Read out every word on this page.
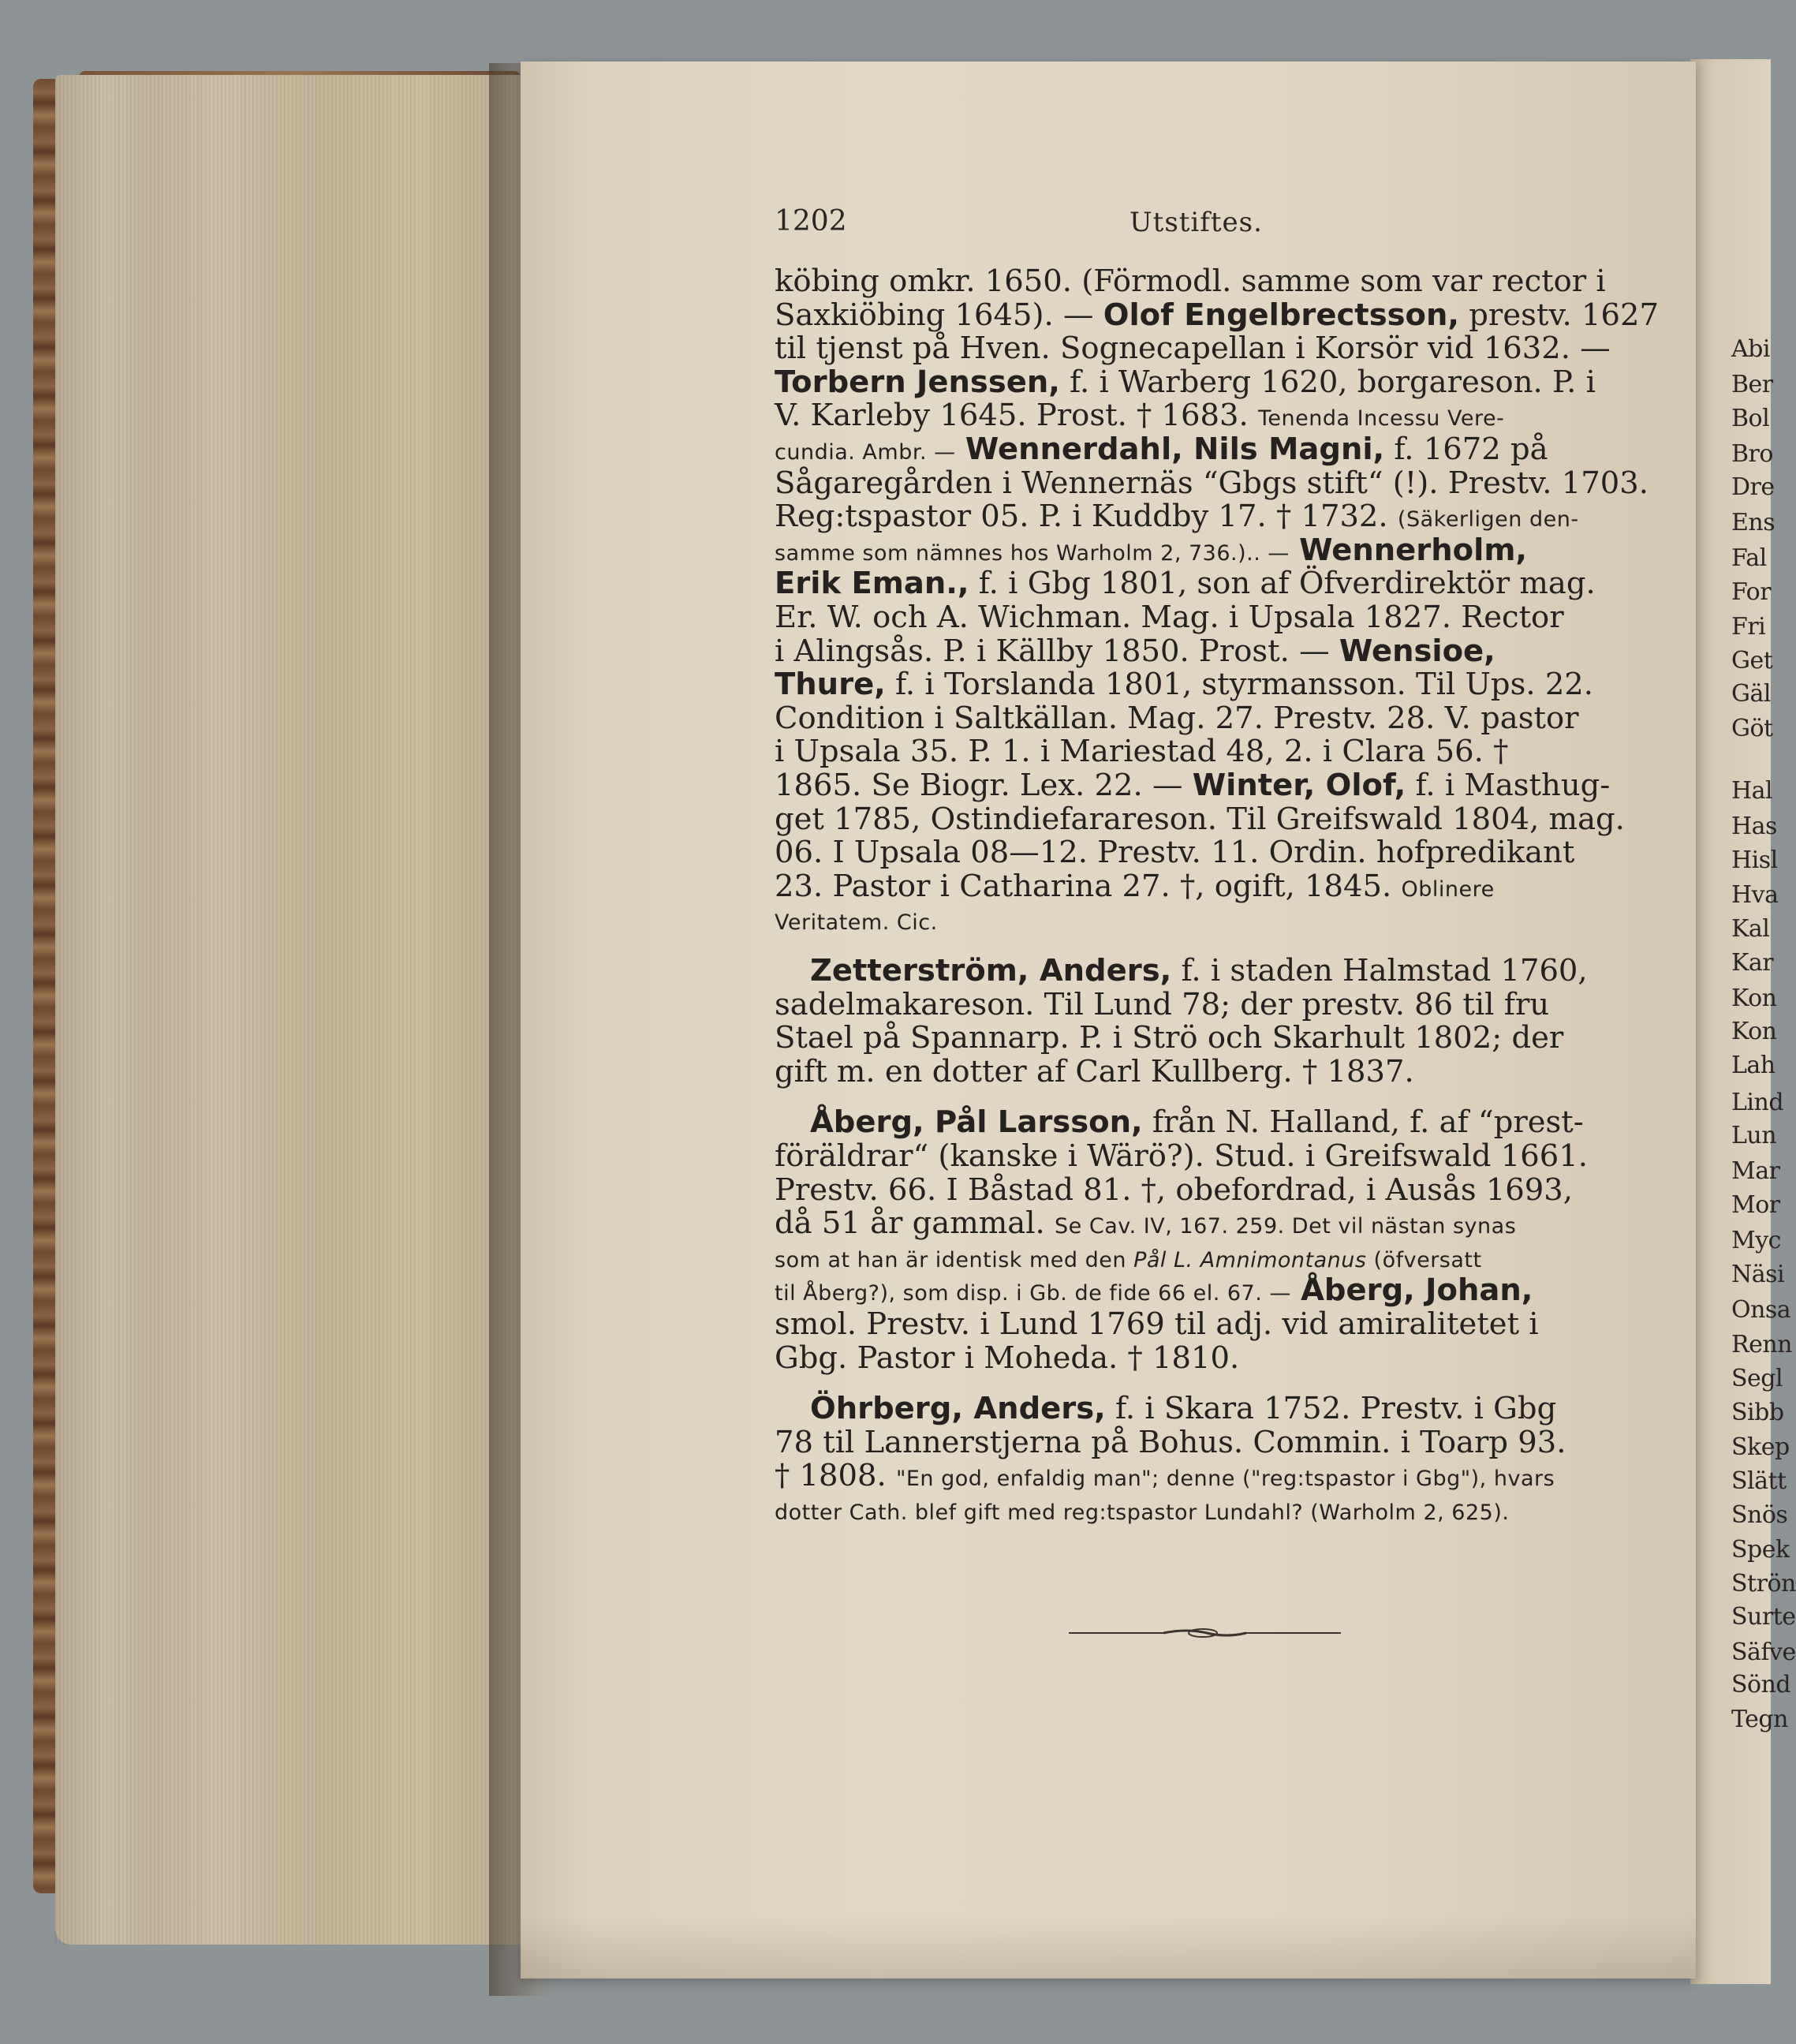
Abi
Ber
Bol
Bro
Dre
Ens
Fal
For
Fri
Get
Gäl
Göt
Hal
Has
Hisl
Hva
Kal
Kar
Kon
Kon
Lah
Lind
Lun
Mar
Mor
Myc
Näsi
Onsa
Renn
Segl
Sibb
Skep
Slätt
Snös
Spek
Strön
Surte
Säfve
Sönd
Tegn
1202	Utstiftes.
köbing omkr. 1650. (Förmodl. samme som var rector i
Saxkiöbing 1645). — Olof Engelbrectsson, prestv. 1627
til tjenst på Hven. Sognecapellan i Korsör vid 1632. —
Torbern Jenssen, f. i Warberg 1620, borgareson. P. i
V. Karleby 1645. Prost. † 1683. Tenenda Incessu Vere-
cundia. Ambr. — Wennerdahl, Nils Magni, f. 1672 på
Sågaregården i Wennernäs “Gbgs stift“ (!). Prestv. 1703.
Reg:tspastor 05. P. i Kuddby 17. † 1732. (Säkerligen den-
samme som nämnes hos Warholm 2, 736.).. — Wennerholm,
Erik Eman., f. i Gbg 1801, son af Öfverdirektör mag.
Er. W. och A. Wichman. Mag. i Upsala 1827. Rector
i Alingsås. P. i Källby 1850. Prost. — Wensioe,
Thure, f. i Torslanda 1801, styrmansson. Til Ups. 22.
Condition i Saltkällan. Mag. 27. Prestv. 28. V. pastor
i Upsala 35. P. 1. i Mariestad 48, 2. i Clara 56. †
1865. Se Biogr. Lex. 22. — Winter, Olof, f. i Masthug-
get 1785, Ostindiefarareson. Til Greifswald 1804, mag.
06. I Upsala 08—12. Prestv. 11. Ordin. hofpredikant
23. Pastor i Catharina 27. †, ogift, 1845. Oblinere
Veritatem. Cic.
Zetterström, Anders, f. i staden Halmstad 1760,
sadelmakareson. Til Lund 78; der prestv. 86 til fru
Stael på Spannarp. P. i Strö och Skarhult 1802; der
gift m. en dotter af Carl Kullberg. † 1837.
Åberg, Pål Larsson, från N. Halland, f. af “prest-
föräldrar“ (kanske i Wärö?). Stud. i Greifswald 1661.
Prestv. 66. I Båstad 81. †, obefordrad, i Ausås 1693,
då 51 år gammal. Se Cav. IV, 167. 259. Det vil nästan synas
som at han är identisk med den Pål L. Amnimontanus (öfversatt
til Åberg?), som disp. i Gb. de fide 66 el. 67. — Åberg, Johan,
smol. Prestv. i Lund 1769 til adj. vid amiralitetet i
Gbg. Pastor i Moheda. † 1810.
Öhrberg, Anders, f. i Skara 1752. Prestv. i Gbg
78 til Lannerstjerna på Bohus. Commin. i Toarp 93.
† 1808. "En god, enfaldig man"; denne ("reg:tspastor i Gbg"), hvars
dotter Cath. blef gift med reg:tspastor Lundahl? (Warholm 2, 625).
